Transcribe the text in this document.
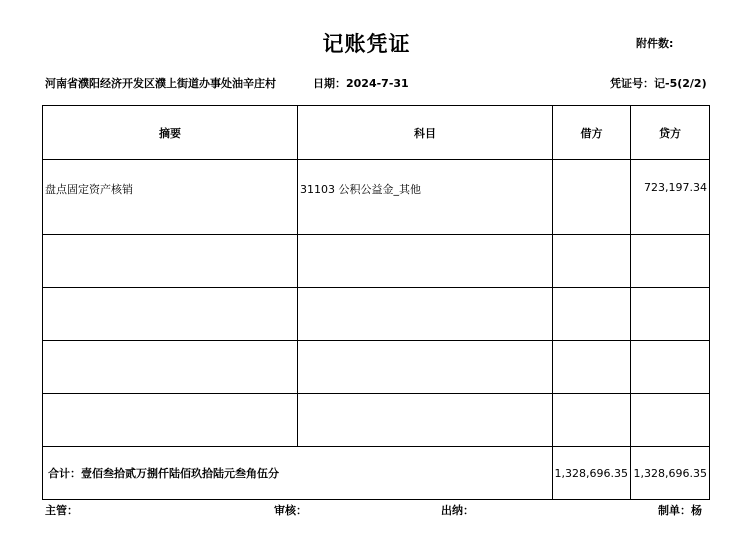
记账凭证	附件数:
河南省濮阳经济开发区濮上街道办事处油辛庄村	日期：2024-7-31	凭证号：记-5(2/2)
摘要	科目	借方	贷方
盘点固定资产核销	31103 公积公益金_其他		723,197.34

合计：壹佰叁拾贰万捌仟陆佰玖拾陆元叁角伍分		1,328,696.35	1,328,696.35
主管：	审核：	出纳：	制单：杨
